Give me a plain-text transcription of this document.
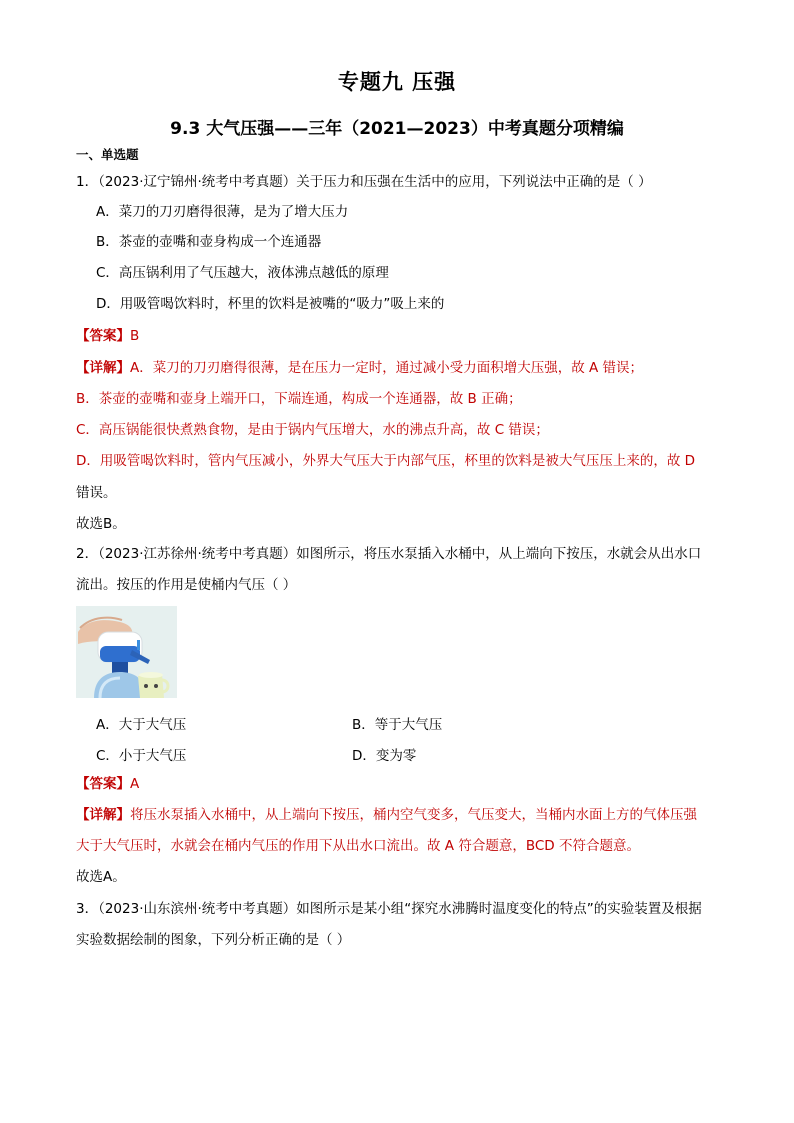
专题九 压强
9.3 大气压强——三年（2021—2023）中考真题分项精编
一、单选题
1．（2023·辽宁锦州·统考中考真题）关于压力和压强在生活中的应用，下列说法中正确的是（ ）
A．菜刀的刀刃磨得很薄，是为了增大压力
B．茶壶的壶嘴和壶身构成一个连通器
C．高压锅利用了气压越大，液体沸点越低的原理
D．用吸管喝饮料时，杯里的饮料是被嘴的“吸力”吸上来的
【答案】B
【详解】A．菜刀的刀刃磨得很薄，是在压力一定时，通过减小受力面积增大压强，故 A 错误；
B．茶壶的壶嘴和壶身上端开口，下端连通，构成一个连通器，故 B 正确；
C．高压锅能很快煮熟食物，是由于锅内气压增大，水的沸点升高，故 C 错误；
D．用吸管喝饮料时，管内气压减小，外界大气压大于内部气压，杯里的饮料是被大气压压上来的，故 D
错误。
故选B。
2．（2023·江苏徐州·统考中考真题）如图所示，将压水泵插入水桶中，从上端向下按压，水就会从出水口
流出。按压的作用是使桶内气压（ ）
A．大于大气压	B．等于大气压
C．小于大气压	D．变为零
【答案】A
【详解】将压水泵插入水桶中，从上端向下按压，桶内空气变多，气压变大，当桶内水面上方的气体压强
大于大气压时，水就会在桶内气压的作用下从出水口流出。故 A 符合题意，BCD 不符合题意。
故选A。
3．（2023·山东滨州·统考中考真题）如图所示是某小组“探究水沸腾时温度变化的特点”的实验装置及根据
实验数据绘制的图象，下列分析正确的是（ ）
